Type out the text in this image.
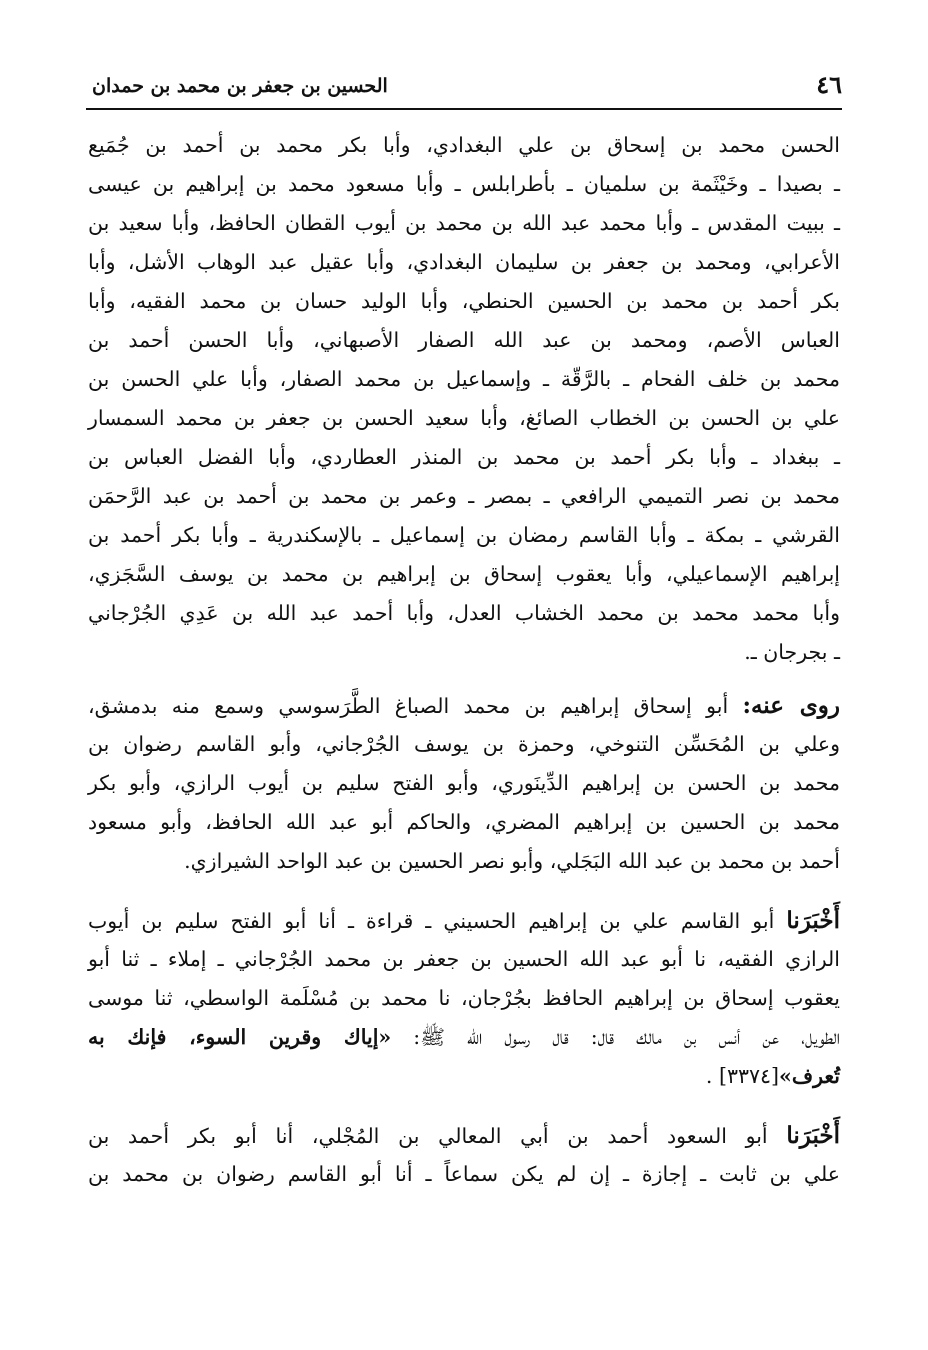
٤٦
الحسين بن جعفر بن محمد بن حمدان
الحسن محمد بن إسحاق بن علي البغدادي، وأبا بكر محمد بن أحمد بن جُمَيع
ـ بصيدا ـ وخَيْثَمة بن سلميان ـ بأطرابلس ـ وأبا مسعود محمد بن إبراهيم بن عيسى
ـ ببيت المقدس ـ وأبا محمد عبد الله بن محمد بن أيوب القطان الحافظ، وأبا سعيد بن
الأعرابي، ومحمد بن جعفر بن سليمان البغدادي، وأبا عقيل عبد الوهاب الأشل، وأبا
بكر أحمد بن محمد بن الحسين الحنطي، وأبا الوليد حسان بن محمد الفقيه، وأبا
العباس الأصم، ومحمد بن عبد الله الصفار الأصبهاني، وأبا الحسن أحمد بن
محمد بن خلف الفحام ـ بالرَّقّة ـ وإسماعيل بن محمد الصفار، وأبا علي الحسن بن
علي بن الحسن بن الخطاب الصائغ، وأبا سعيد الحسن بن جعفر بن محمد السمسار
ـ ببغداد ـ وأبا بكر أحمد بن محمد بن المنذر العطاردي، وأبا الفضل العباس بن
محمد بن نصر التميمي الرافعي ـ بمصر ـ وعمر بن محمد بن أحمد بن عبد الرَّحمَن
القرشي ـ بمكة ـ وأبا القاسم رمضان بن إسماعيل ـ بالإسكندرية ـ وأبا بكر أحمد بن
إبراهيم الإسماعيلي، وأبا يعقوب إسحاق بن إبراهيم بن محمد بن يوسف السَّجَزي،
وأبا محمد محمد بن محمد الخشاب العدل، وأبا أحمد عبد الله بن عَدِي الجُرْجاني
ـ بجرجان ـ.
روى عنه: أبو إسحاق إبراهيم بن محمد الصباغ الطَّرَسوسي وسمع منه بدمشق،
وعلي بن المُحَسِّن التنوخي، وحمزة بن يوسف الجُرْجاني، وأبو القاسم رضوان بن
محمد بن الحسن بن إبراهيم الدِّينَوري، وأبو الفتح سليم بن أيوب الرازي، وأبو بكر
محمد بن الحسين بن إبراهيم المضري، والحاكم أبو عبد الله الحافظ، وأبو مسعود
أحمد بن محمد بن عبد الله البَجَلي، وأبو نصر الحسين بن عبد الواحد الشيرازي.
أَخْبَرَنا أبو القاسم علي بن إبراهيم الحسيني ـ قراءة ـ أنا أبو الفتح سليم بن أيوب
الرازي الفقيه، نا أبو عبد الله الحسين بن جعفر بن محمد الجُرْجاني ـ إملاء ـ ثنا أبو
يعقوب إسحاق بن إبراهيم الحافظ بجُرْجان، نا محمد بن مُسْلَمة الواسطي، ثنا موسى
الطويل، عن أنس بن مالك قال: قال رسول الله ﷺ: «إياك وقرين السوء، فإنك به
تُعرف»[٣٣٧٤] .
أَخْبَرَنا أبو السعود أحمد بن أبي المعالي بن المُجْلي، أنا أبو بكر أحمد بن
علي بن ثابت ـ إجازة ـ إن لم يكن سماعاً ـ أنا أبو القاسم رضوان بن محمد بن
